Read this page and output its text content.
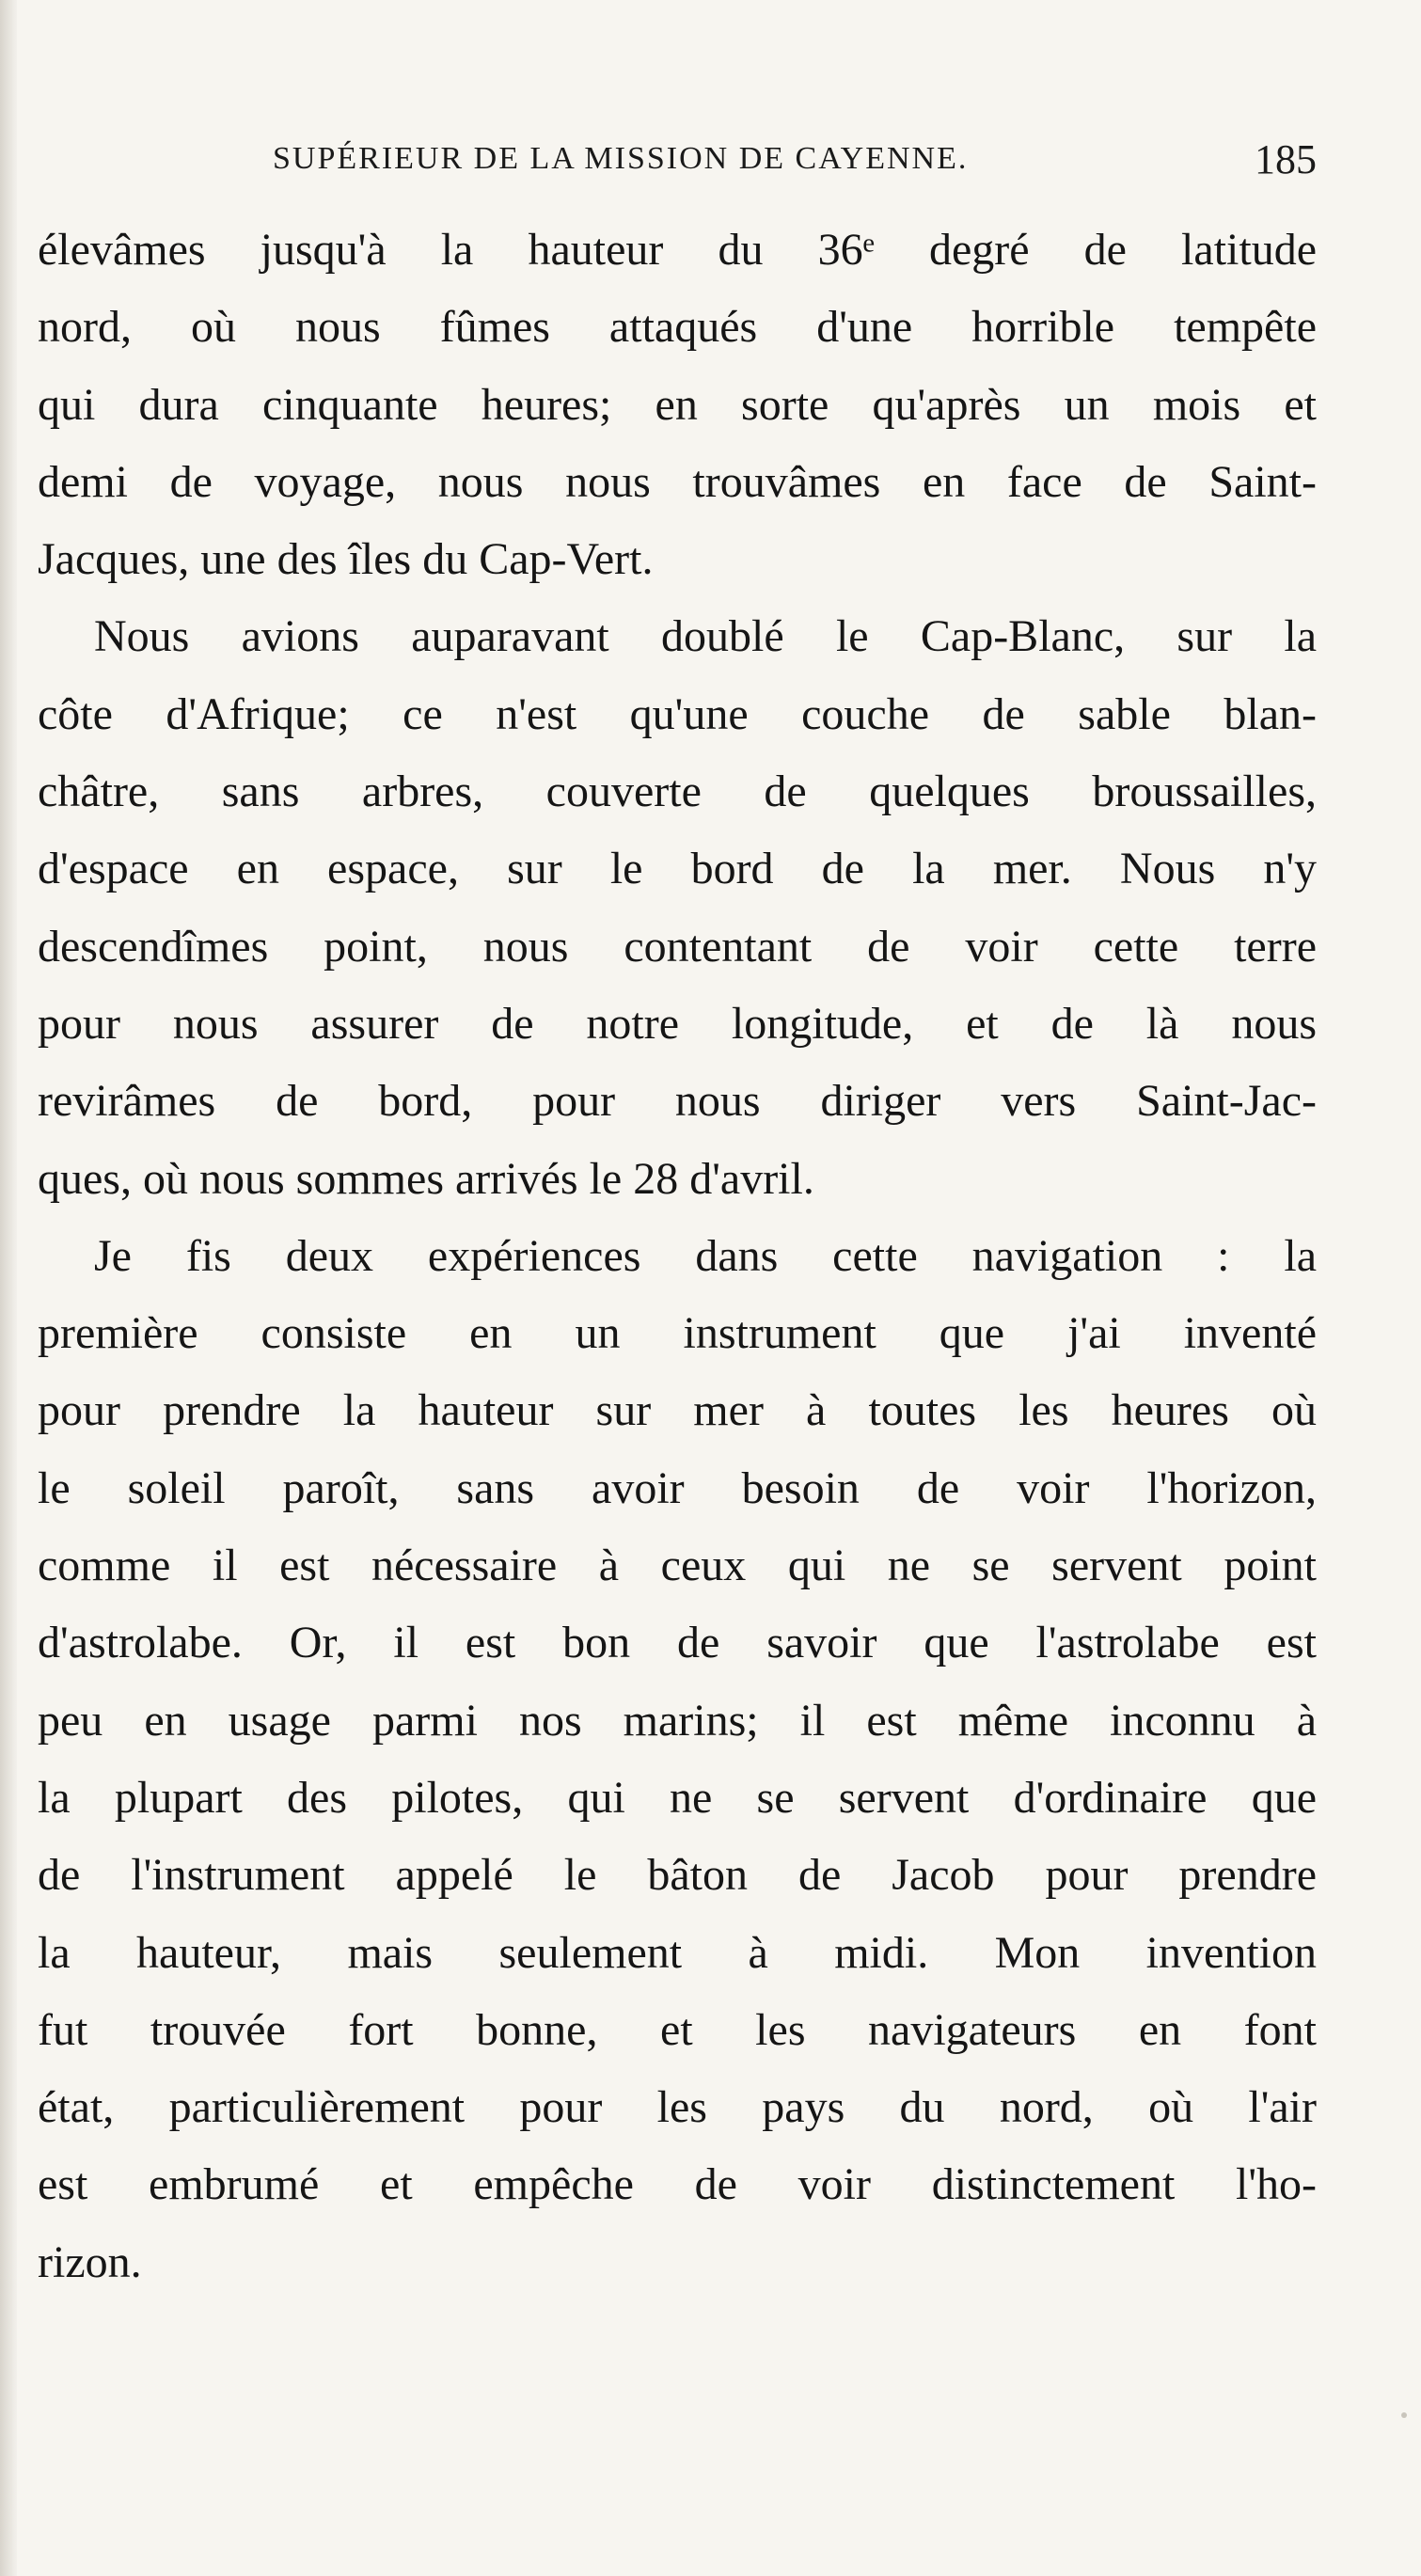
SUPÉRIEUR DE LA MISSION DE CAYENNE.	185
élevâmes jusqu'à la hauteur du 36ᵉ degré de latitude
nord, où nous fûmes attaqués d'une horrible tempête
qui dura cinquante heures; en sorte qu'après un mois et
demi de voyage, nous nous trouvâmes en face de Saint-
Jacques, une des îles du Cap-Vert.
Nous avions auparavant doublé le Cap-Blanc, sur la
côte d'Afrique; ce n'est qu'une couche de sable blan-
châtre, sans arbres, couverte de quelques broussailles,
d'espace en espace, sur le bord de la mer. Nous n'y
descendîmes point, nous contentant de voir cette terre
pour nous assurer de notre longitude, et de là nous
revirâmes de bord, pour nous diriger vers Saint-Jac-
ques, où nous sommes arrivés le 28 d'avril.
Je fis deux expériences dans cette navigation : la
première consiste en un instrument que j'ai inventé
pour prendre la hauteur sur mer à toutes les heures où
le soleil paroît, sans avoir besoin de voir l'horizon,
comme il est nécessaire à ceux qui ne se servent point
d'astrolabe. Or, il est bon de savoir que l'astrolabe est
peu en usage parmi nos marins; il est même inconnu à
la plupart des pilotes, qui ne se servent d'ordinaire que
de l'instrument appelé le bâton de Jacob pour prendre
la hauteur, mais seulement à midi. Mon invention
fut trouvée fort bonne, et les navigateurs en font
état, particulièrement pour les pays du nord, où l'air
est embrumé et empêche de voir distinctement l'ho-
rizon.
